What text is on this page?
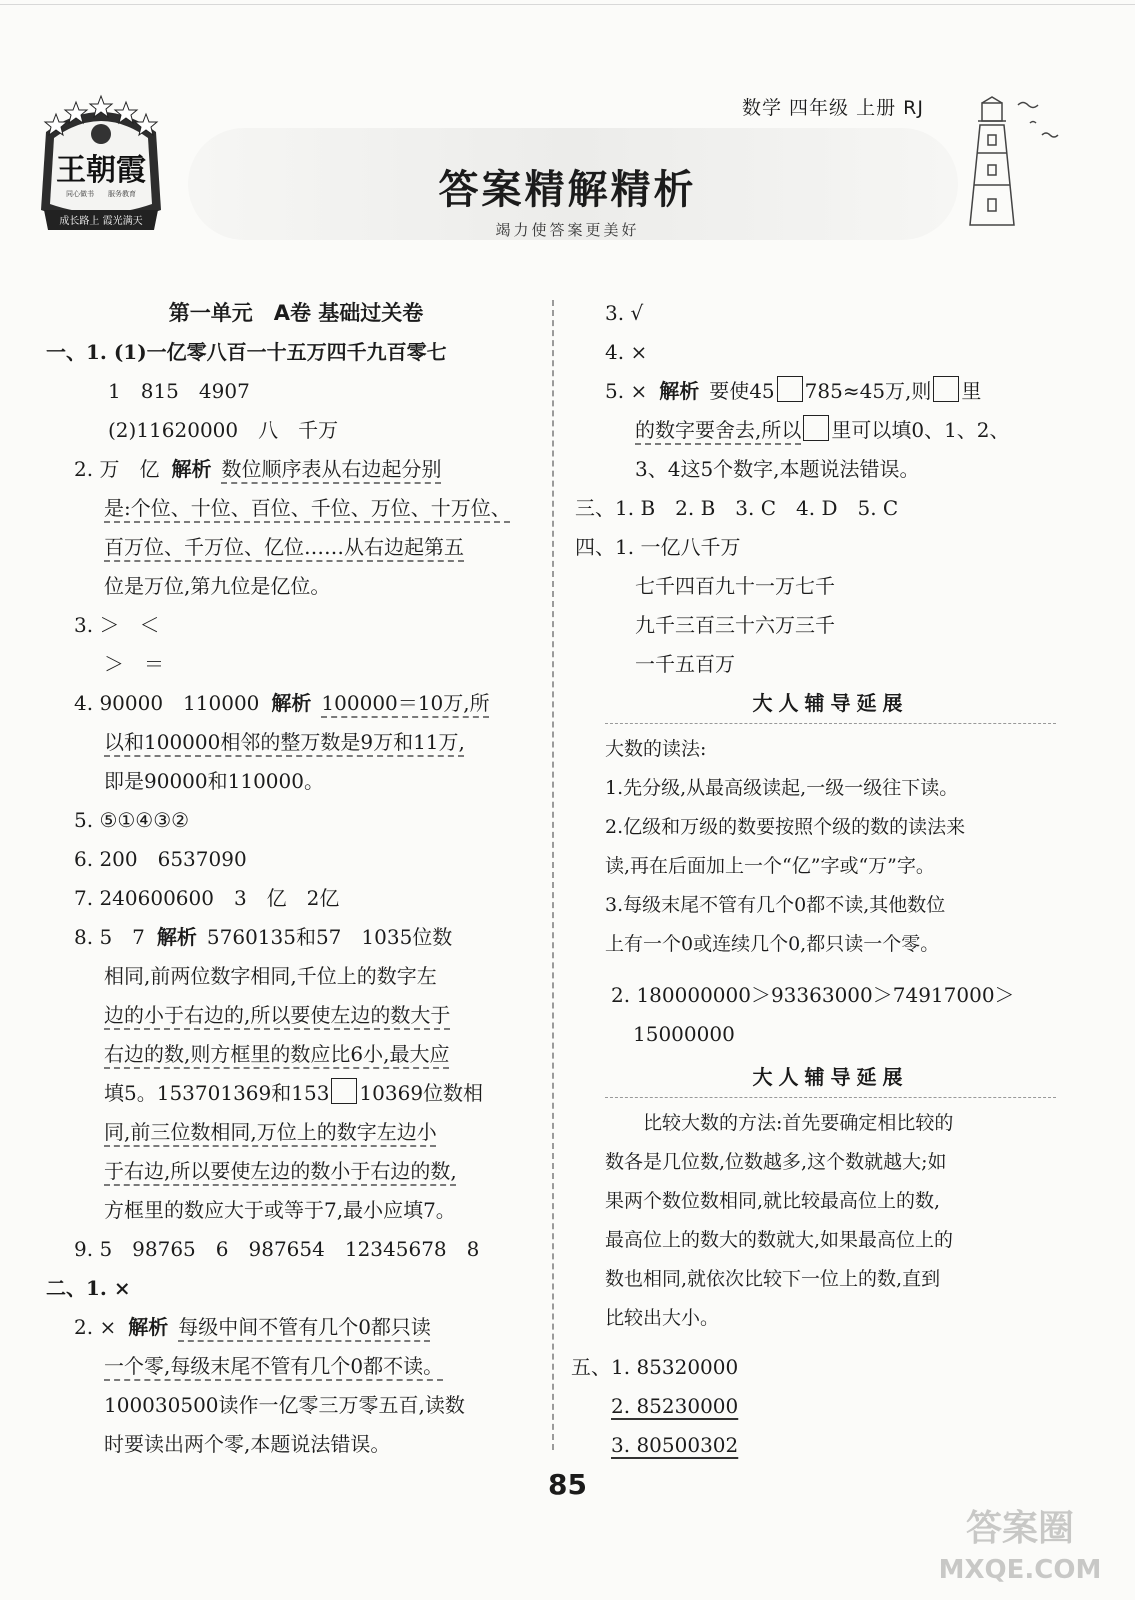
王朝霞
同心做书 服务教育
成长路上 霞光满天
数学 四年级 上册 RJ
答案精解精析
竭力使答案更美好
第一单元　A卷 基础过关卷
一、1. (1)一亿零八百一十五万四千九百零七
1　815　4907
(2)11620000　八　千万
2. 万　亿 解析 数位顺序表从右边起分别
是:个位、十位、百位、千位、万位、十万位、
百万位、千万位、亿位……从右边起第五
位是万位,第九位是亿位。
3. ＞　＜
＞　＝
4. 90000　110000 解析 100000＝10万,所
以和100000相邻的整万数是9万和11万,
即是90000和110000。
5. ⑤①④③②
6. 200　6537090
7. 240600600　3　亿　2亿
8. 5　7 解析 5760135和57　1035位数
相同,前两位数字相同,千位上的数字左
边的小于右边的,所以要使左边的数大于
右边的数,则方框里的数应比6小,最大应
填5。153701369和153 10369位数相
同,前三位数相同,万位上的数字左边小
于右边,所以要使左边的数小于右边的数,
方框里的数应大于或等于7,最小应填7。
9. 5　98765　6　987654　12345678　8
二、1. ×
2. × 解析 每级中间不管有几个0都只读
一个零,每级末尾不管有几个0都不读。
100030500读作一亿零三万零五百,读数
时要读出两个零,本题说法错误。
3. √
4. ×
5. × 解析 要使45 785≈45万,则 里
的数字要舍去,所以 里可以填0、1、2、
3、4这5个数字,本题说法错误。
三、1. B　2. B　3. C　4. D　5. C
四、1. 一亿八千万
七千四百九十一万七千
九千三百三十六万三千
一千五百万
大人辅导延展
大数的读法:
1.先分级,从最高级读起,一级一级往下读。
2.亿级和万级的数要按照个级的数的读法来
读,再在后面加上一个“亿”字或“万”字。
3.每级末尾不管有几个0都不读,其他数位
上有一个0或连续几个0,都只读一个零。
2. 180000000＞93363000＞74917000＞
15000000
大人辅导延展
比较大数的方法:首先要确定相比较的
数各是几位数,位数越多,这个数就越大;如
果两个数位数相同,就比较最高位上的数,
最高位上的数大的数就大,如果最高位上的
数也相同,就依次比较下一位上的数,直到
比较出大小。
五、1. 85320000
2. 85230000
3. 80500302
85
答案圈
MXQE.COM
